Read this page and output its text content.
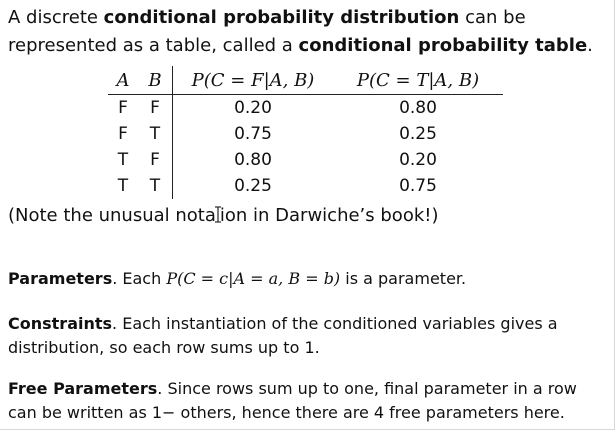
A discrete conditional probability distribution can be represented as a table, called a conditional probability table.

A	B	P(C = F|A, B)	P(C = T|A, B)
F	F	0.20	0.80
F	T	0.75	0.25
T	F	0.80	0.20
T	T	0.25	0.75

(Note the unusual nota ion in Darwiche’s book!)

Parameters. Each P(C = c|A = a, B = b) is a parameter.

Constraints. Each instantiation of the conditioned variables gives a distribution, so each row sums up to 1.

Free Parameters. Since rows sum up to one, final parameter in a row can be written as 1− others, hence there are 4 free parameters here.
